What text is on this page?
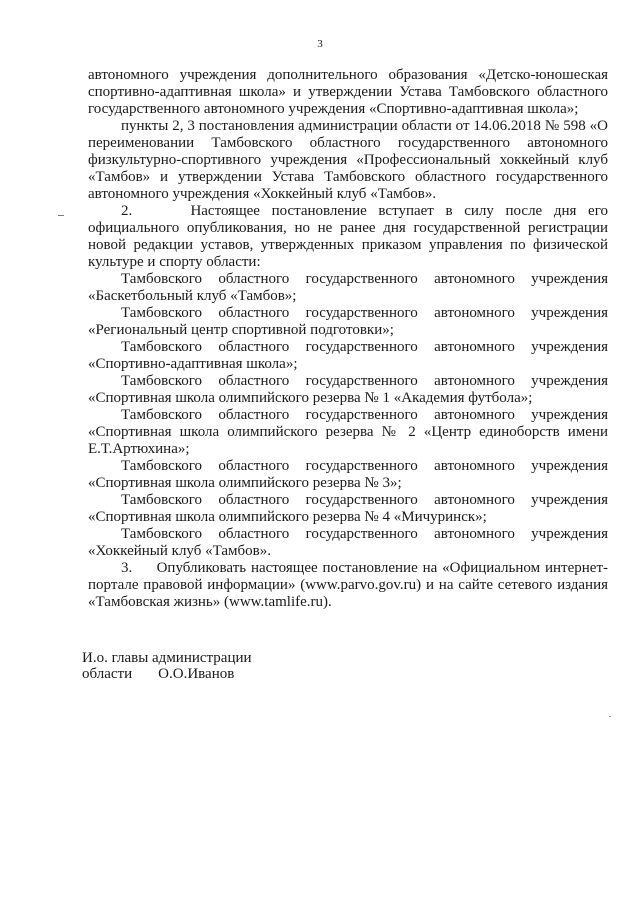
3

автономного учреждения дополнительного образования «Детско-юношеская спортивно-адаптивная школа» и утверждении Устава Тамбовского областного государственного автономного учреждения «Спортивно-адаптивная школа»;

пункты 2, 3 постановления администрации области от 14.06.2018 № 598 «О переименовании Тамбовского областного государственного автономного физкультурно-спортивного учреждения «Профессиональный хоккейный клуб «Тамбов» и утверждении Устава Тамбовского областного государственного автономного учреждения «Хоккейный клуб «Тамбов».

2.     Настоящее постановление вступает в силу после дня его официального опубликования, но не ранее дня государственной регистрации новой редакции уставов, утвержденных приказом управления по физической культуре и спорту области:

Тамбовского областного государственного автономного учреждения «Баскетбольный клуб «Тамбов»;

Тамбовского областного государственного автономного учреждения «Региональный центр спортивной подготовки»;

Тамбовского областного государственного автономного учреждения «Спортивно-адаптивная школа»;

Тамбовского областного государственного автономного учреждения «Спортивная школа олимпийского резерва № 1 «Академия футбола»;

Тамбовского областного государственного автономного учреждения «Спортивная школа олимпийского резерва № 2 «Центр единоборств имени Е.Т.Артюхина»;

Тамбовского областного государственного автономного учреждения «Спортивная школа олимпийского резерва № 3»;

Тамбовского областного государственного автономного учреждения «Спортивная школа олимпийского резерва № 4 «Мичуринск»;

Тамбовского областного государственного автономного учреждения «Хоккейный клуб «Тамбов».

3.     Опубликовать настоящее постановление на «Официальном интернет-портале правовой информации» (www.parvo.gov.ru) и на сайте сетевого издания «Тамбовская жизнь» (www.tamlife.ru).

И.о. главы администрации
области О.О.Иванов
